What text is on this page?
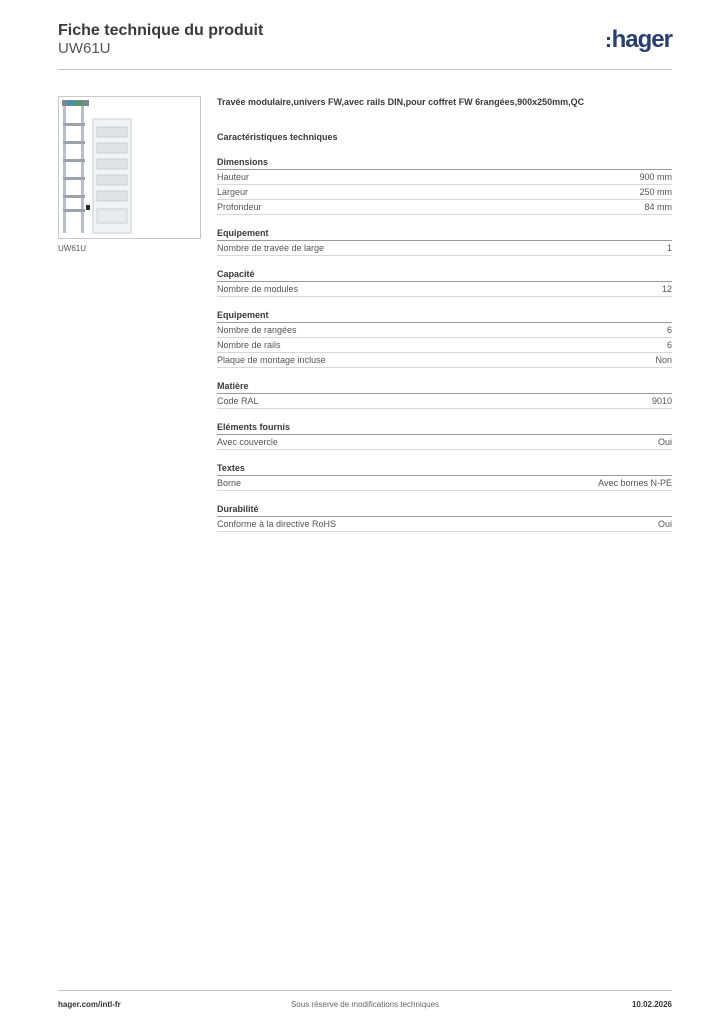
Fiche technique du produit
UW61U	hager
UW61U
Travée modulaire,univers FW,avec rails DIN,pour coffret FW 6rangées,900x250mm,QC
Caractéristiques techniques
Dimensions
Hauteur	900 mm
Largeur	250 mm
Profondeur	84 mm
Equipement
Nombre de travée de large	1
Capacité
Nombre de modules	12
Equipement
Nombre de rangées	6
Nombre de rails	6
Plaque de montage incluse	Non
Matière
Code RAL	9010
Eléments fournis
Avec couvercle	Oui
Textes
Borne	Avec bornes N-PE
Durabilité
Conforme à la directive RoHS	Oui
hager.com/intl-fr	Sous réserve de modifications techniques	10.02.2026
